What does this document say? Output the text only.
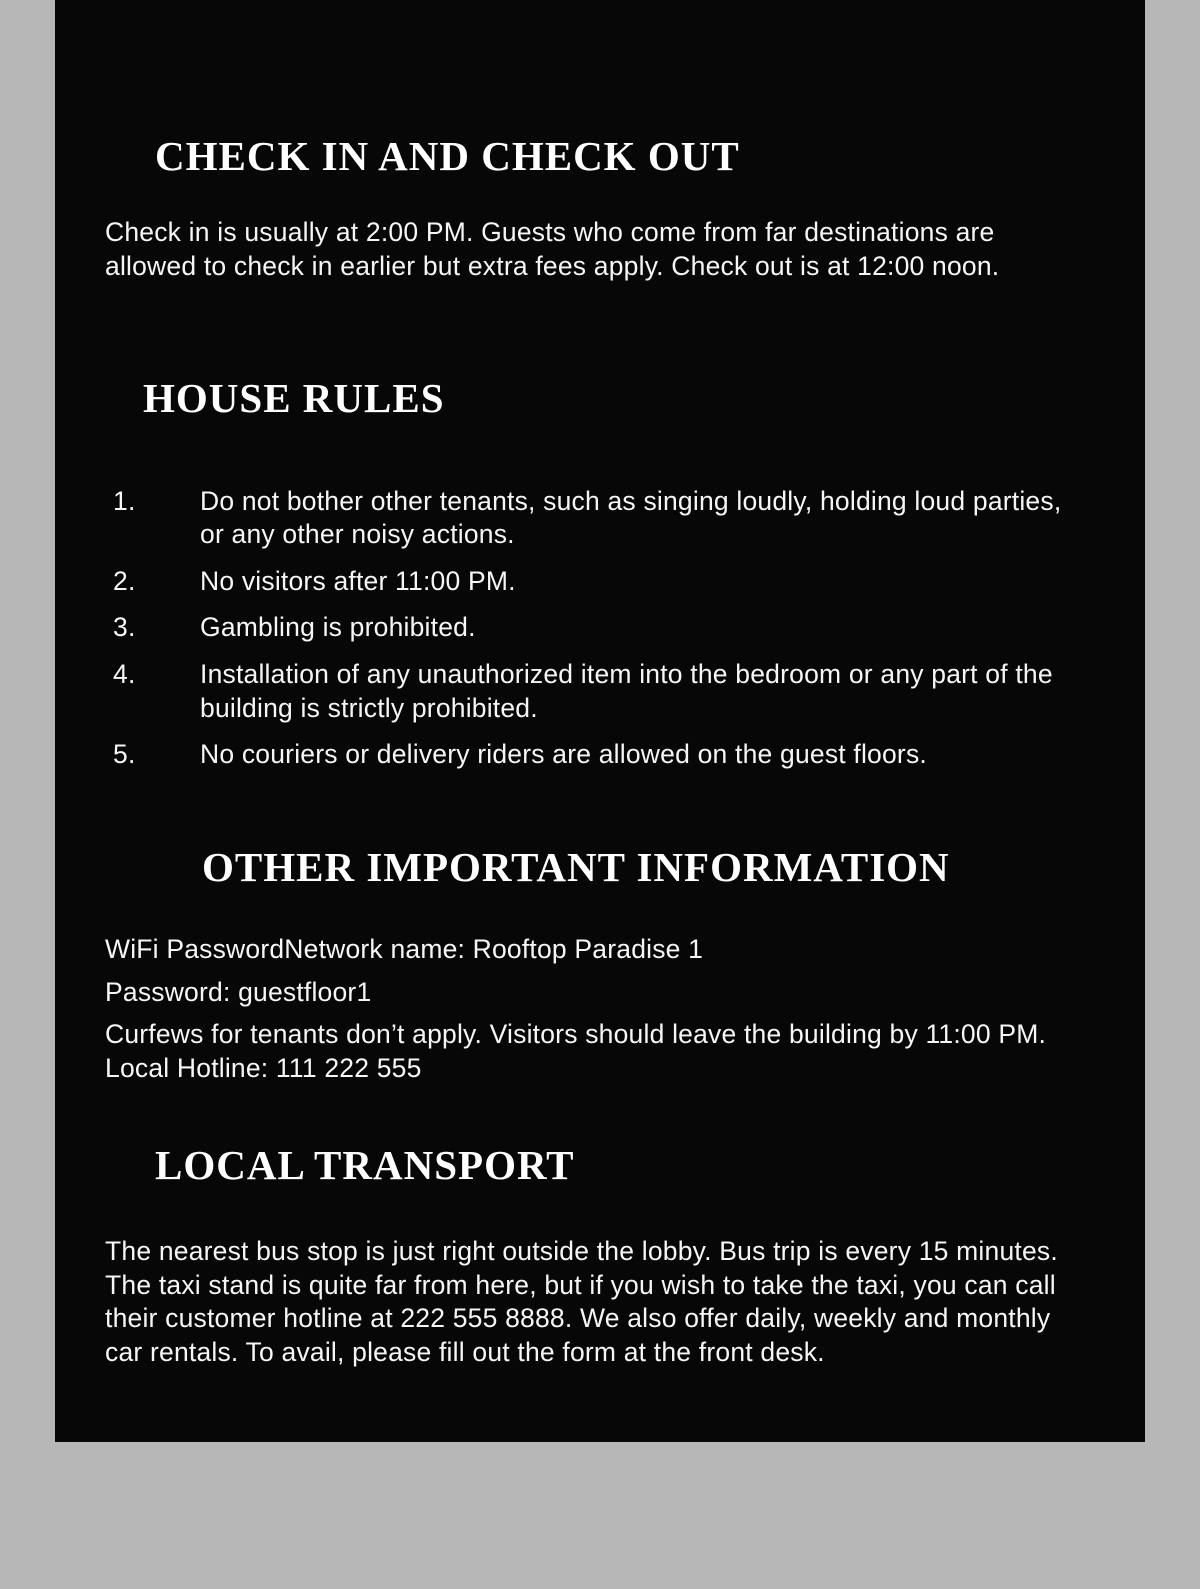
CHECK IN AND CHECK OUT

Check in is usually at 2:00 PM. Guests who come from far destinations are allowed to check in earlier but extra fees apply. Check out is at 12:00 noon.

HOUSE RULES
1.	Do not bother other tenants, such as singing loudly, holding loud parties, or any other noisy actions.
2.	No visitors after 11:00 PM.
3.	Gambling is prohibited.
4.	Installation of any unauthorized item into the bedroom or any part of the building is strictly prohibited.
5.	No couriers or delivery riders are allowed on the guest floors.
OTHER IMPORTANT INFORMATION

WiFi PasswordNetwork name: Rooftop Paradise 1

Password: guestfloor1

Curfews for tenants don’t apply. Visitors should leave the building by 11:00 PM. Local Hotline: 111 222 555

LOCAL TRANSPORT

The nearest bus stop is just right outside the lobby. Bus trip is every 15 minutes. The taxi stand is quite far from here, but if you wish to take the taxi, you can call their customer hotline at 222 555 8888. We also offer daily, weekly and monthly car rentals. To avail, please fill out the form at the front desk.
